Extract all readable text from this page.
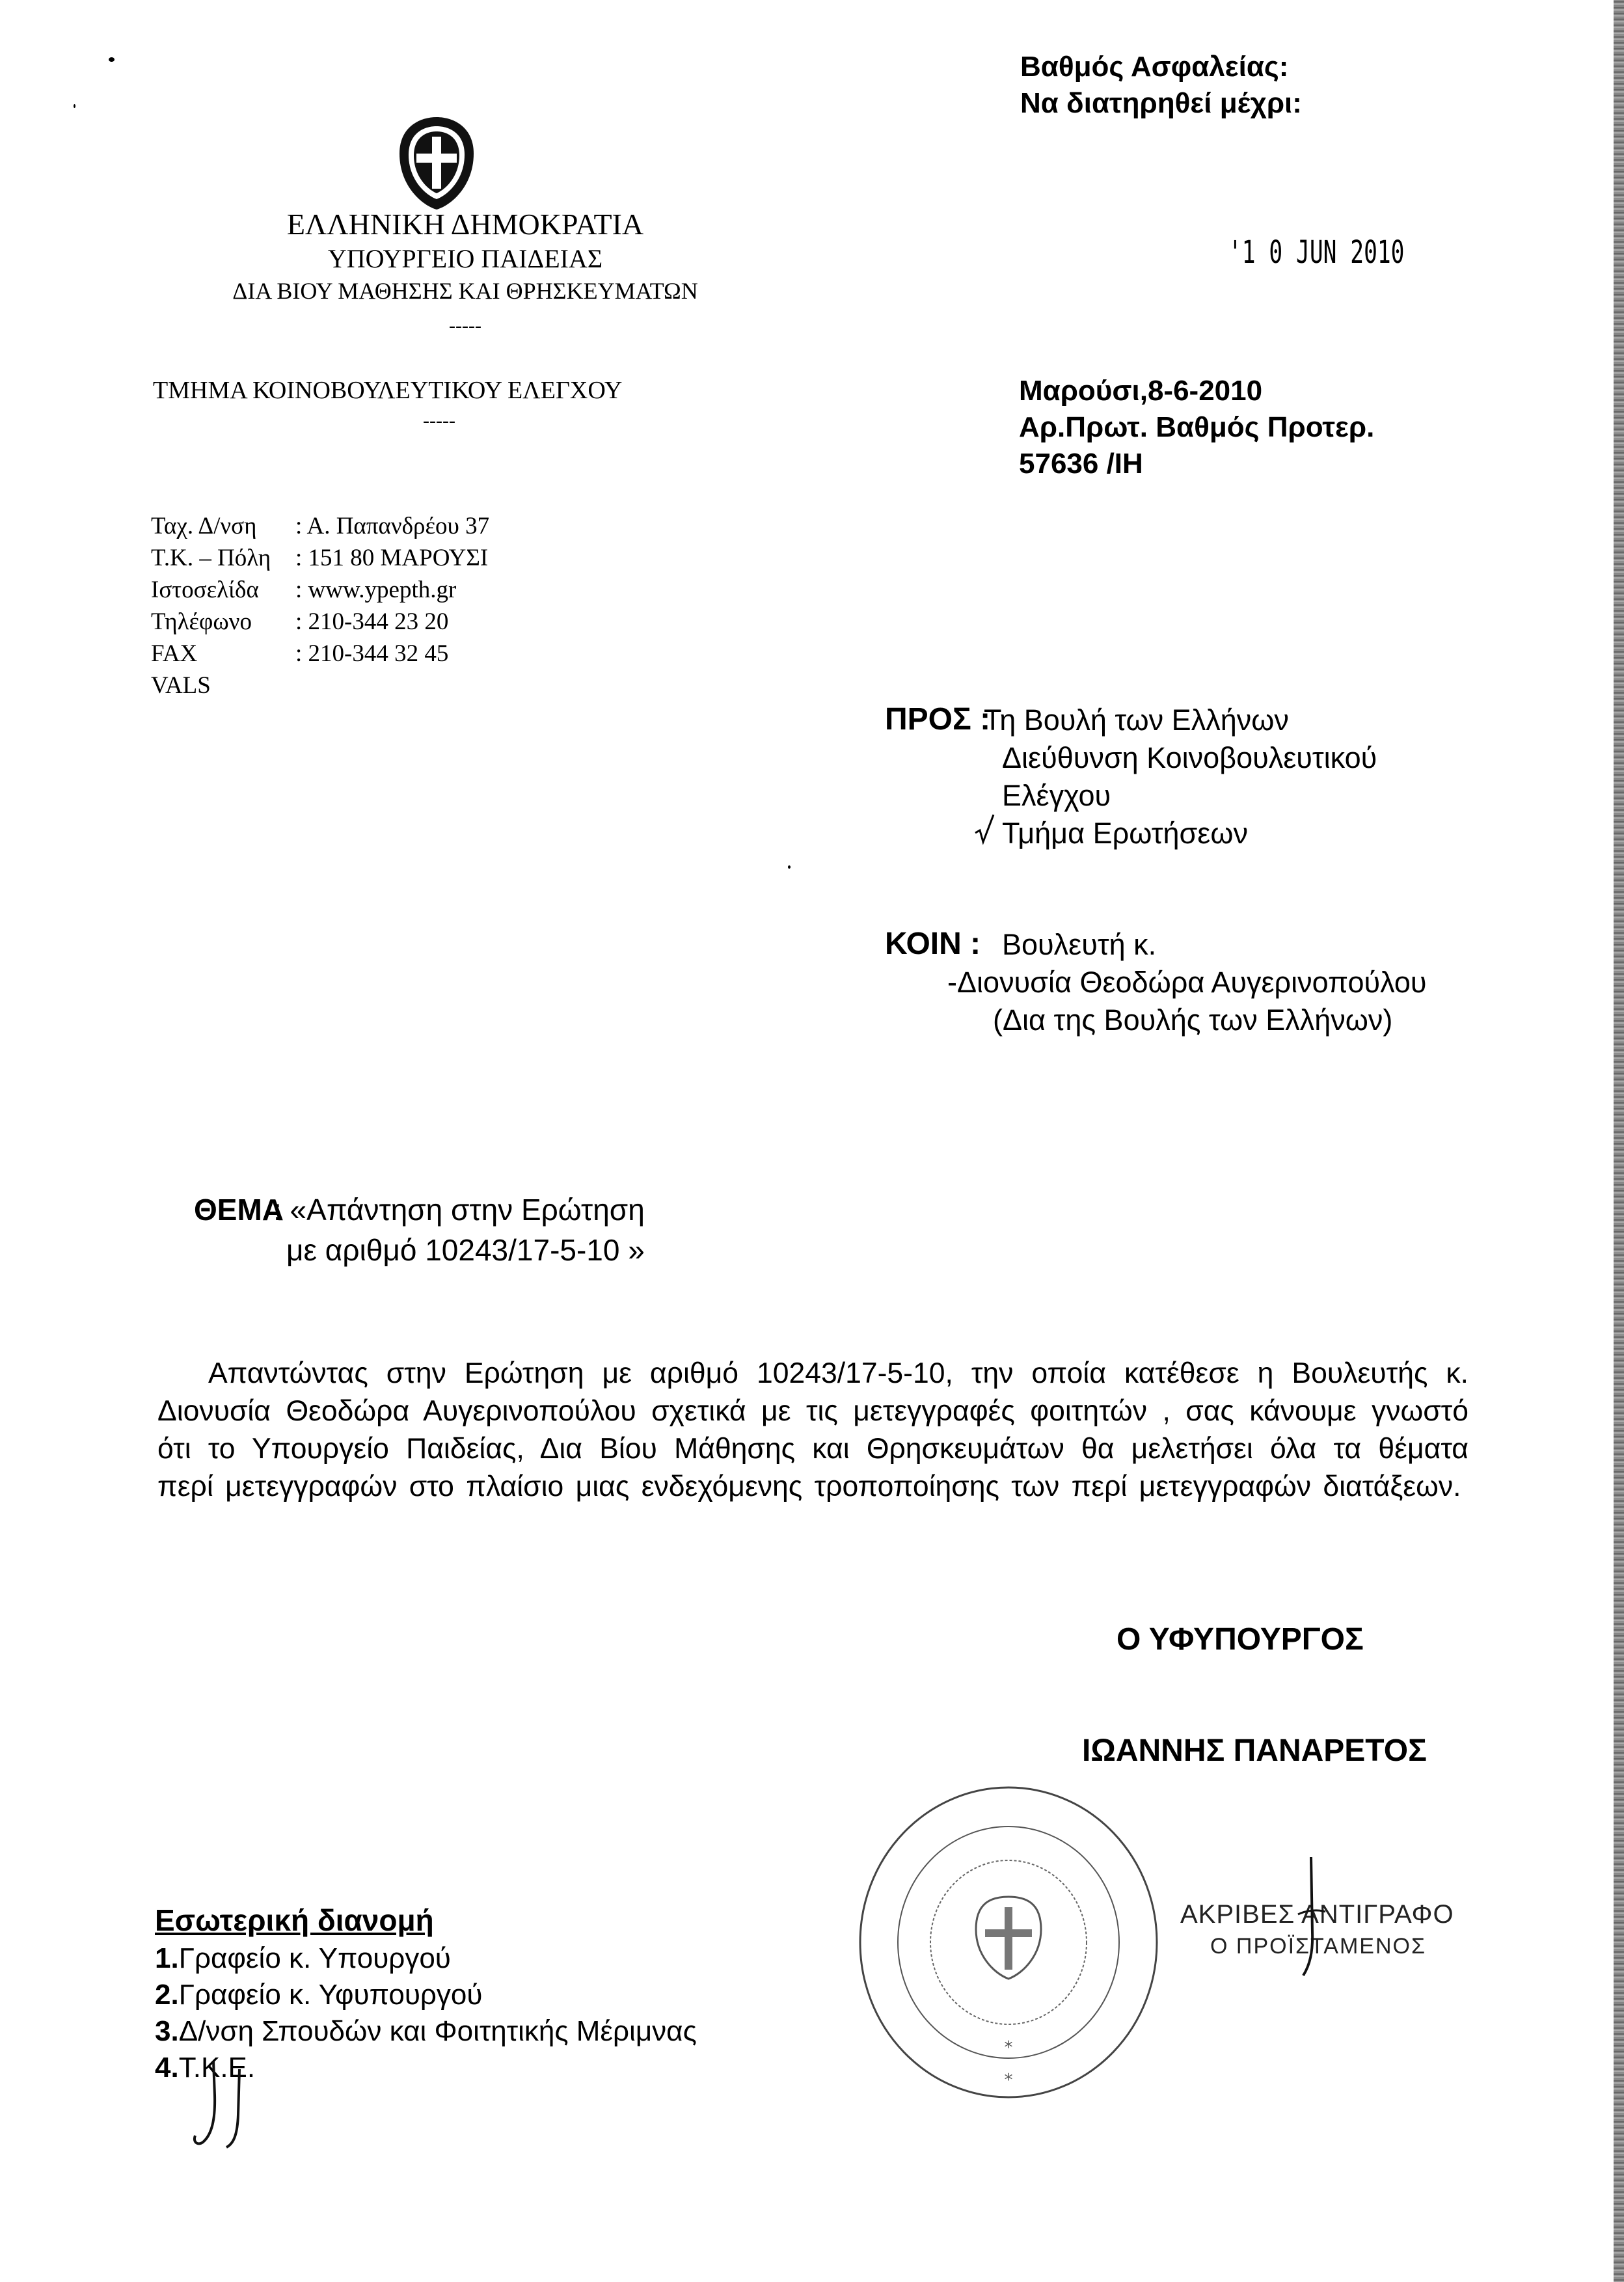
Βαθμός Ασφαλείας:
Να διατηρηθεί μέχρι:
ΕΛΛΗΝΙΚΗ ΔΗΜΟΚΡΑΤΙΑ
ΥΠΟΥΡΓΕΙΟ ΠΑΙΔΕΙΑΣ
ΔΙΑ ΒΙΟΥ ΜΑΘΗΣΗΣ ΚΑΙ ΘΡΗΣΚΕΥΜΑΤΩΝ
-----
ΤΜΗΜΑ ΚΟΙΝΟΒΟΥΛΕΥΤΙΚΟΥ ΕΛΕΓΧΟΥ
-----
'1 0 JUN 2010
Μαρούσι,8-6-2010
Αρ.Πρωτ. Βαθμός Προτερ.
57636 /ΙΗ
Ταχ. Δ/νση	: Α. Παπανδρέου 37
Τ.Κ. – Πόλη	: 151 80 ΜΑΡΟΥΣΙ
Ιστοσελίδα	: www.ypepth.gr
Τηλέφωνο	: 210-344 23 20
FAX	: 210-344 32 45
VALS
ΠΡΟΣ :
Τη Βουλή των Ελλήνων
Διεύθυνση Κοινοβουλευτικού
Ελέγχου
Τμήμα Ερωτήσεων
ΚΟΙΝ : Βουλευτή κ.
-Διονυσία Θεοδώρα Αυγερινοπούλου
(Δια της Βουλής των Ελλήνων)
ΘΕΜΑ
: «Απάντηση στην Ερώτηση
με αριθμό 10243/17-5-10 »
Απαντώντας στην Ερώτηση με αριθμό 10243/17-5-10, την οποία κατέθεσε η Βουλευτής κ. Διονυσία Θεοδώρα Αυγερινοπούλου σχετικά με τις μετεγγραφές φοιτητών , σας κάνουμε γνωστό ότι το Υπουργείο Παιδείας, Δια Βίου Μάθησης και Θρησκευμάτων θα μελετήσει όλα τα θέματα περί μετεγγραφών στο πλαίσιο μιας ενδεχόμενης τροποποίησης των περί μετεγγραφών διατάξεων.
Ο ΥΦΥΠΟΥΡΓΟΣ
ΙΩΑΝΝΗΣ ΠΑΝΑΡΕΤΟΣ
*
*
ΑΚΡΙΒΕΣ ΑΝΤΙΓΡΑΦΟ
Ο ΠΡΟΪΣΤΑΜΕΝΟΣ
Εσωτερική διανομή
1.Γραφείο κ. Υπουργού
2.Γραφείο κ. Υφυπουργού
3.Δ/νση Σπουδών και Φοιτητικής Μέριμνας
4.Τ.Κ.Ε.
